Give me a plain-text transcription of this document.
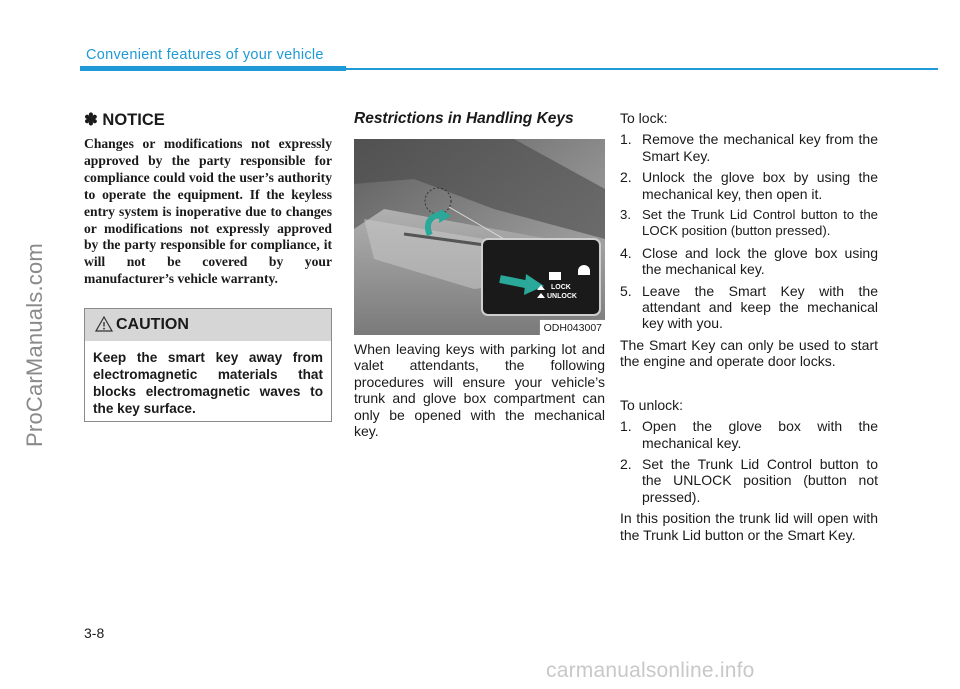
Convenient features of your vehicle
ProCarManuals.com
✽ NOTICE

Changes or modifications not expressly approved by the party responsible for compliance could void the user’s authority to operate the equipment. If the keyless entry system is inoperative due to changes or modifications not expressly approved by the party responsible for compliance, it will not be covered by your manufacturer’s vehicle warranty.

CAUTION

Keep the smart key away from electromagnetic materials that blocks electromagnetic waves to the key surface.

Restrictions in Handling Keys
LOCK
UNLOCK
ODH043007

When leaving keys with parking lot and valet attendants, the following procedures will ensure your vehicle’s trunk and glove box compartment can only be opened with the mechanical key.

To lock:

1. Remove the mechanical key from the Smart Key.
2. Unlock the glove box by using the mechanical key, then open it.
3. Set the Trunk Lid Control button to the LOCK position (button pressed).
4. Close and lock the glove box using the mechanical key.
5. Leave the Smart Key with the attendant and keep the mechanical key with you.

The Smart Key can only be used to start the engine and operate door locks.

To unlock:

1. Open the glove box with the mechanical key.
2. Set the Trunk Lid Control button to the UNLOCK position (button not pressed).

In this position the trunk lid will open with the Trunk Lid button or the Smart Key.

3-8
carmanualsonline.info
